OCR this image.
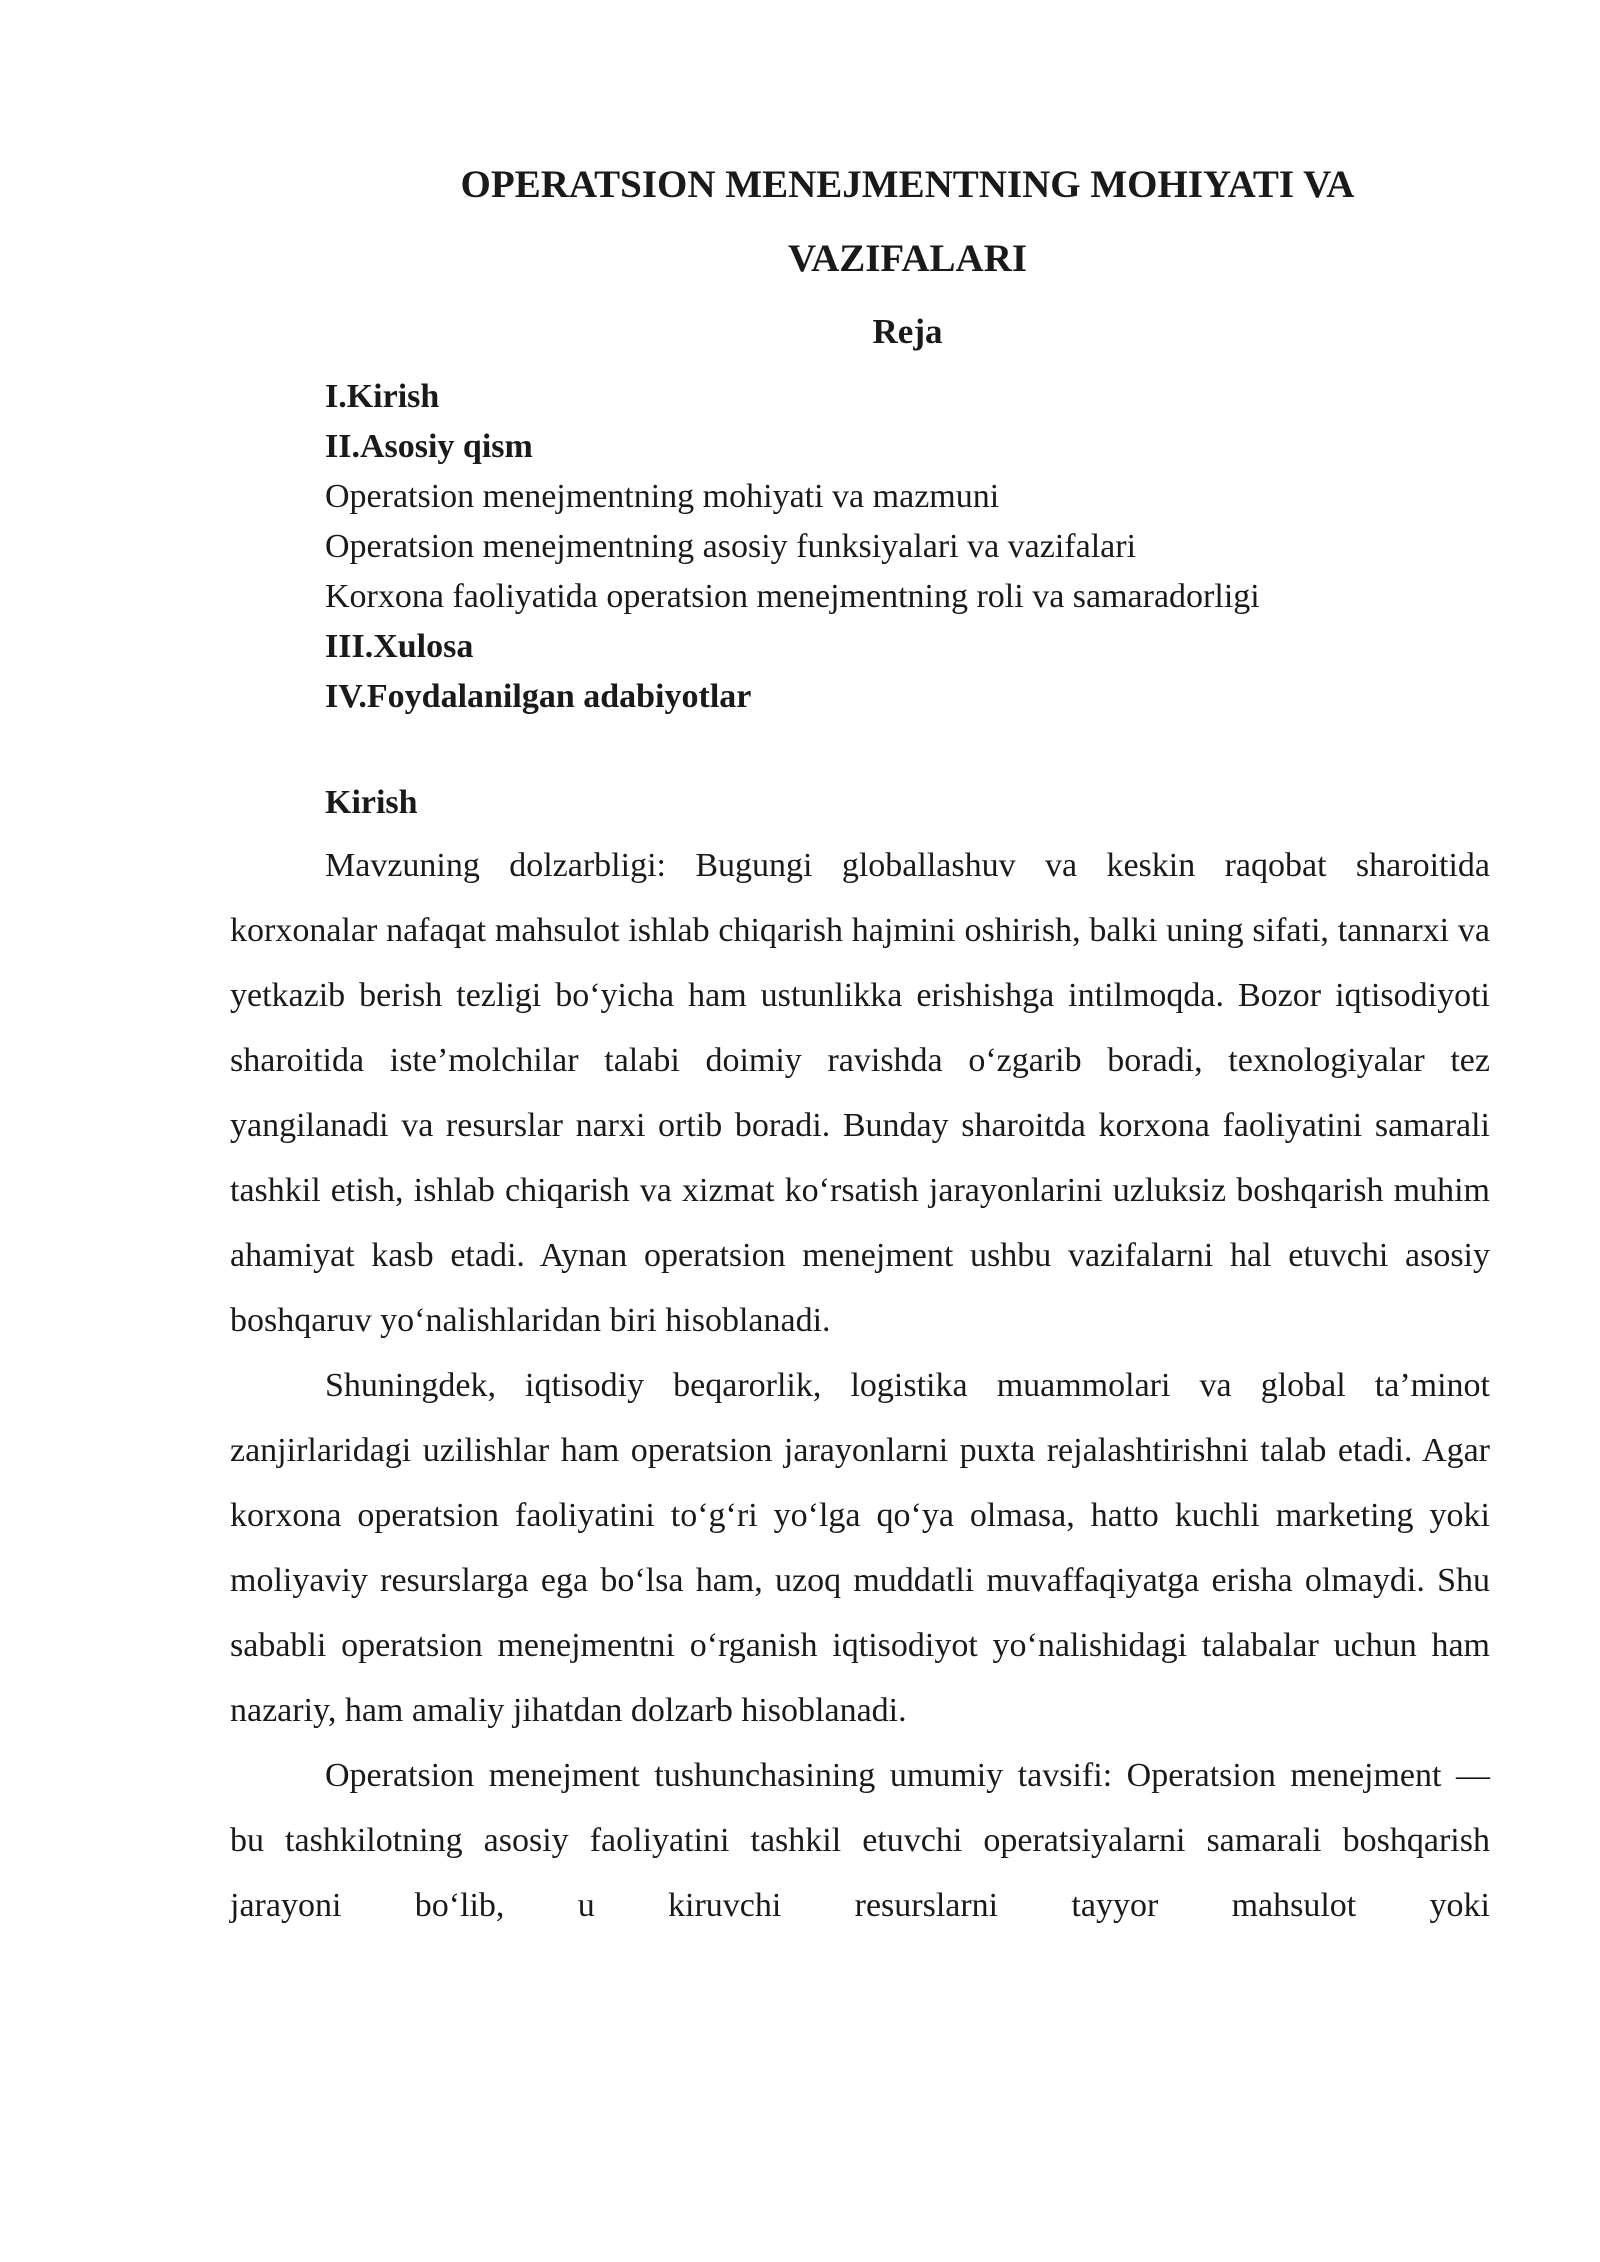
OPERATSION MENEJMENTNING MOHIYATI VA
VAZIFALARI
Reja
I.Kirish
II.Asosiy qism
Operatsion menejmentning mohiyati va mazmuni
Operatsion menejmentning asosiy funksiyalari va vazifalari
Korxona faoliyatida operatsion menejmentning roli va samaradorligi
III.Xulosa
IV.Foydalanilgan adabiyotlar
Kirish

Mavzuning dolzarbligi: Bugungi globallashuv va keskin raqobat sharoitida korxonalar nafaqat mahsulot ishlab chiqarish hajmini oshirish, balki uning sifati, tannarxi va yetkazib berish tezligi bo‘yicha ham ustunlikka erishishga intilmoqda. Bozor iqtisodiyoti sharoitida iste’molchilar talabi doimiy ravishda o‘zgarib boradi, texnologiyalar tez yangilanadi va resurslar narxi ortib boradi. Bunday sharoitda korxona faoliyatini samarali tashkil etish, ishlab chiqarish va xizmat ko‘rsatish jarayonlarini uzluksiz boshqarish muhim ahamiyat kasb etadi. Aynan operatsion menejment ushbu vazifalarni hal etuvchi asosiy boshqaruv yo‘nalishlaridan biri hisoblanadi.

Shuningdek, iqtisodiy beqarorlik, logistika muammolari va global ta’minot zanjirlaridagi uzilishlar ham operatsion jarayonlarni puxta rejalashtirishni talab etadi. Agar korxona operatsion faoliyatini to‘g‘ri yo‘lga qo‘ya olmasa, hatto kuchli marketing yoki moliyaviy resurslarga ega bo‘lsa ham, uzoq muddatli muvaffaqiyatga erisha olmaydi. Shu sababli operatsion menejmentni o‘rganish iqtisodiyot yo‘nalishidagi talabalar uchun ham nazariy, ham amaliy jihatdan dolzarb hisoblanadi.

Operatsion menejment tushunchasining umumiy tavsifi: Operatsion menejment — bu tashkilotning asosiy faoliyatini tashkil etuvchi operatsiyalarni samarali boshqarish jarayoni bo‘lib, u kiruvchi resurslarni tayyor mahsulot yoki
